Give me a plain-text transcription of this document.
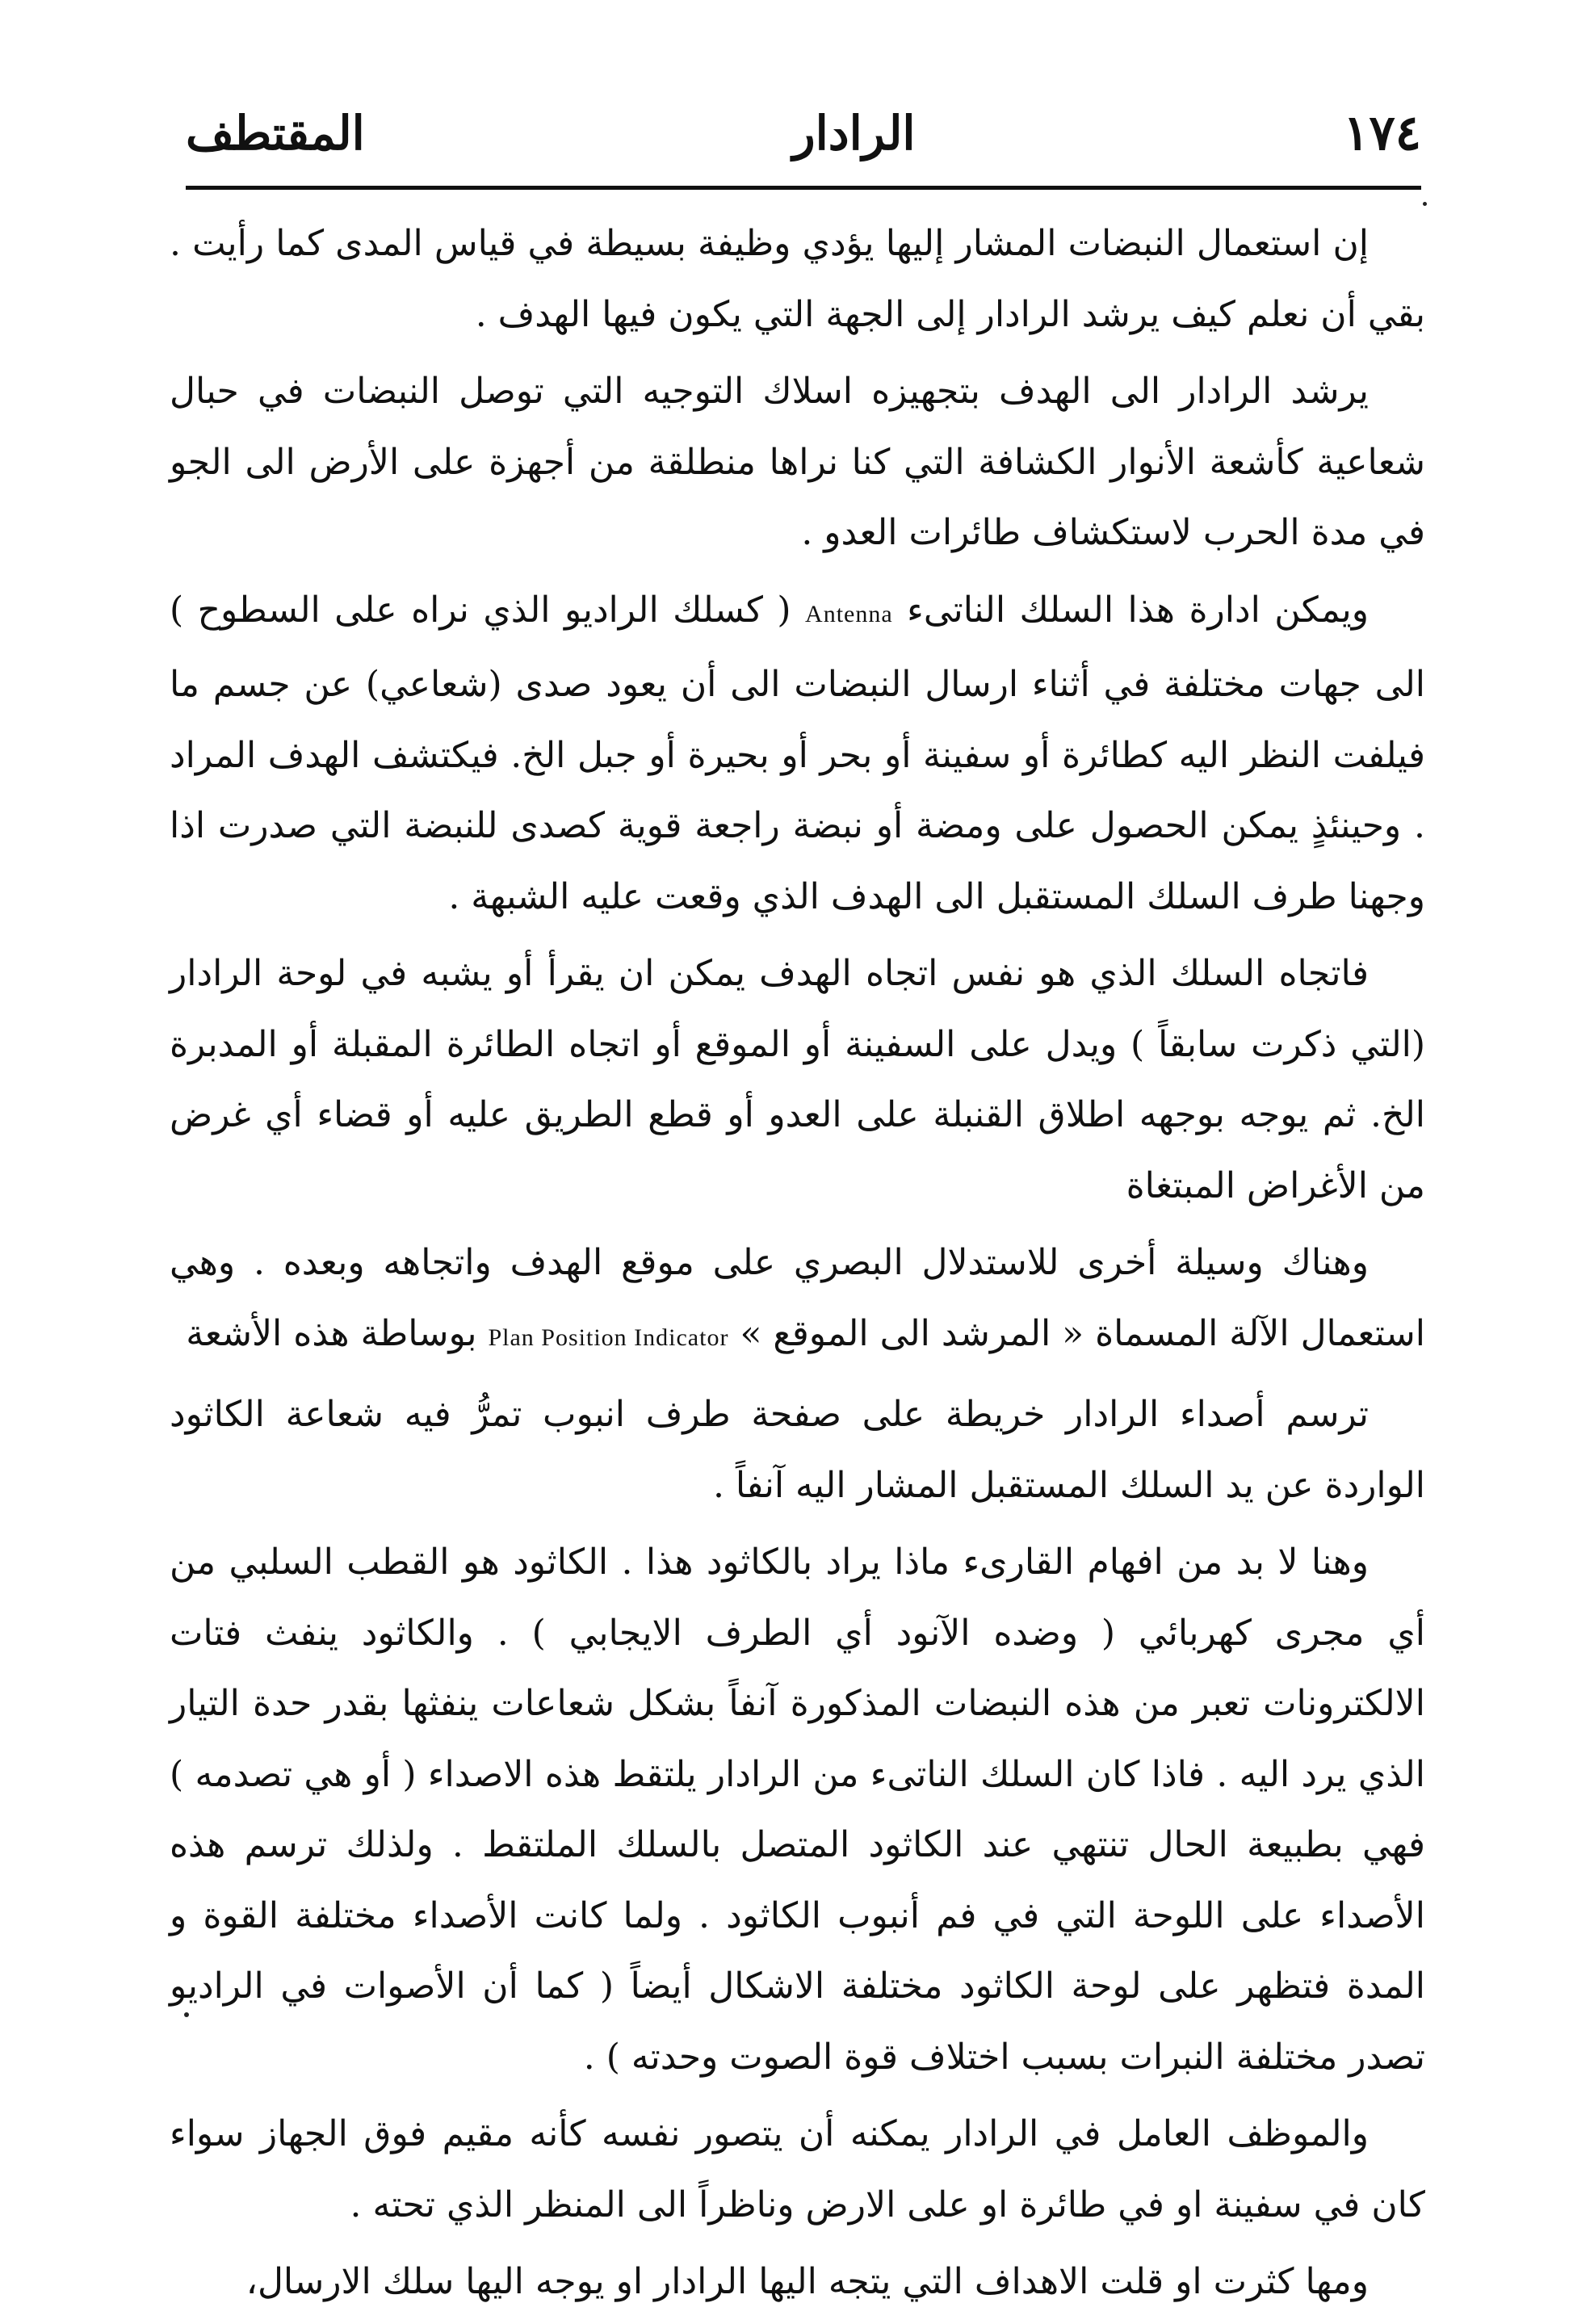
١٧٤
الرادار
المقتطف

إن استعمال النبضات المشار إليها يؤدي وظيفة بسيطة في قياس المدى كما رأيت . بقي أن نعلم كيف يرشد الرادار إلى الجهة التي يكون فيها الهدف .

يرشد الرادار الى الهدف بتجهيزه اسلاك التوجيه التي توصل النبضات في حبال شعاعية كأشعة الأنوار الكشافة التي كنا نراها منطلقة من أجهزة على الأرض الى الجو في مدة الحرب لاستكشاف طائرات العدو .

ويمكن ادارة هذا السلك الناتىء Antenna ( كسلك الراديو الذي نراه على السطوح ) الى جهات مختلفة في أثناء ارسال النبضات الى أن يعود صدى (شعاعي) عن جسم ما فيلفت النظر اليه كطائرة أو سفينة أو بحر أو بحيرة أو جبل الخ. فيكتشف الهدف المراد . وحينئذٍ يمكن الحصول على ومضة أو نبضة راجعة قوية كصدى للنبضة التي صدرت اذا وجهنا طرف السلك المستقبل الى الهدف الذي وقعت عليه الشبهة .

فاتجاه السلك الذي هو نفس اتجاه الهدف يمكن ان يقرأ أو يشبه في لوحة الرادار (التي ذكرت سابقاً ) ويدل على السفينة أو الموقع أو اتجاه الطائرة المقبلة أو المدبرة الخ. ثم يوجه بوجهه اطلاق القنبلة على العدو أو قطع الطريق عليه أو قضاء أي غرض من الأغراض المبتغاة

وهناك وسيلة أخرى للاستدلال البصري على موقع الهدف واتجاهه وبعده . وهي استعمال الآلة المسماة « المرشد الى الموقع » Plan Position Indicator بوساطة هذه الأشعة

ترسم أصداء الرادار خريطة على صفحة طرف انبوب تمرُّ فيه شعاعة الكاثود الواردة عن يد السلك المستقبل المشار اليه آنفاً .

وهنا لا بد من افهام القارىء ماذا يراد بالكاثود هذا . الكاثود هو القطب السلبي من أي مجرى كهربائي ( وضده الآنود أي الطرف الايجابي ) . والكاثود ينفث فتات الالكترونات تعبر من هذه النبضات المذكورة آنفاً بشكل شعاعات ينفثها بقدر حدة التيار الذي يرد اليه . فاذا كان السلك الناتىء من الرادار يلتقط هذه الاصداء ( أو هي تصدمه ) فهي بطبيعة الحال تنتهي عند الكاثود المتصل بالسلك الملتقط . ولذلك ترسم هذه الأصداء على اللوحة التي في فم أنبوب الكاثود . ولما كانت الأصداء مختلفة القوة و المدة فتظهر على لوحة الكاثود مختلفة الاشكال أيضاً ( كما أن الأصوات في الراديو تصدر مختلفة النبرات بسبب اختلاف قوة الصوت وحدته ) .

والموظف العامل في الرادار يمكنه أن يتصور نفسه كأنه مقيم فوق الجهاز سواء كان في سفينة او في طائرة او على الارض وناظراً الى المنظر الذي تحته .

ومها كثرت او قلت الاهداف التي يتجه اليها الرادار او يوجه اليها سلك الارسال،
